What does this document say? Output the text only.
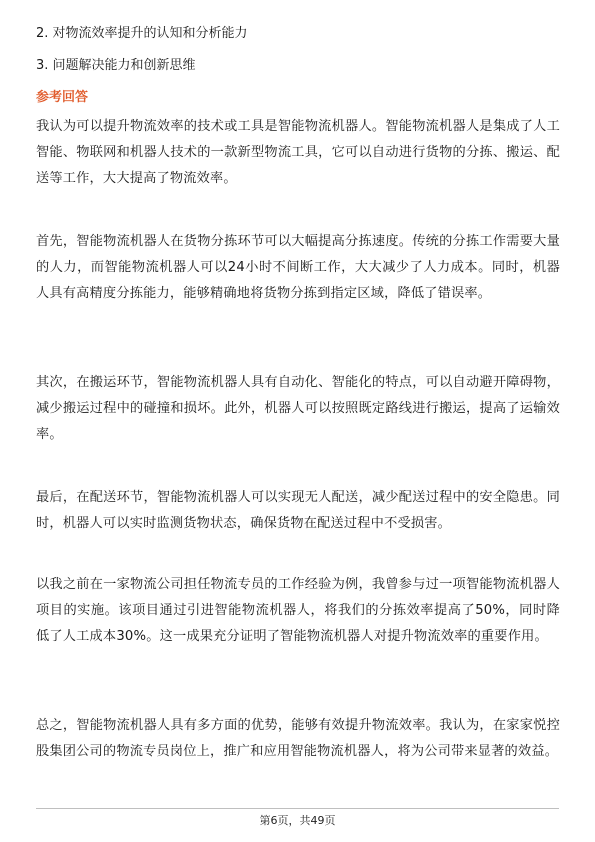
2. 对物流效率提升的认知和分析能力
3. 问题解决能力和创新思维
参考回答
我认为可以提升物流效率的技术或工具是智能物流机器人。智能物流机器人是集成了人工智能、物联网和机器人技术的一款新型物流工具，它可以自动进行货物的分拣、搬运、配送等工作，大大提高了物流效率。
首先，智能物流机器人在货物分拣环节可以大幅提高分拣速度。传统的分拣工作需要大量的人力，而智能物流机器人可以24小时不间断工作，大大减少了人力成本。同时，机器人具有高精度分拣能力，能够精确地将货物分拣到指定区域，降低了错误率。
其次，在搬运环节，智能物流机器人具有自动化、智能化的特点，可以自动避开障碍物，减少搬运过程中的碰撞和损坏。此外，机器人可以按照既定路线进行搬运，提高了运输效率。
最后，在配送环节，智能物流机器人可以实现无人配送，减少配送过程中的安全隐患。同时，机器人可以实时监测货物状态，确保货物在配送过程中不受损害。
以我之前在一家物流公司担任物流专员的工作经验为例，我曾参与过一项智能物流机器人项目的实施。该项目通过引进智能物流机器人，将我们的分拣效率提高了50%，同时降低了人工成本30%。这一成果充分证明了智能物流机器人对提升物流效率的重要作用。
总之，智能物流机器人具有多方面的优势，能够有效提升物流效率。我认为，在家家悦控股集团公司的物流专员岗位上，推广和应用智能物流机器人，将为公司带来显著的效益。
第6页，共49页
